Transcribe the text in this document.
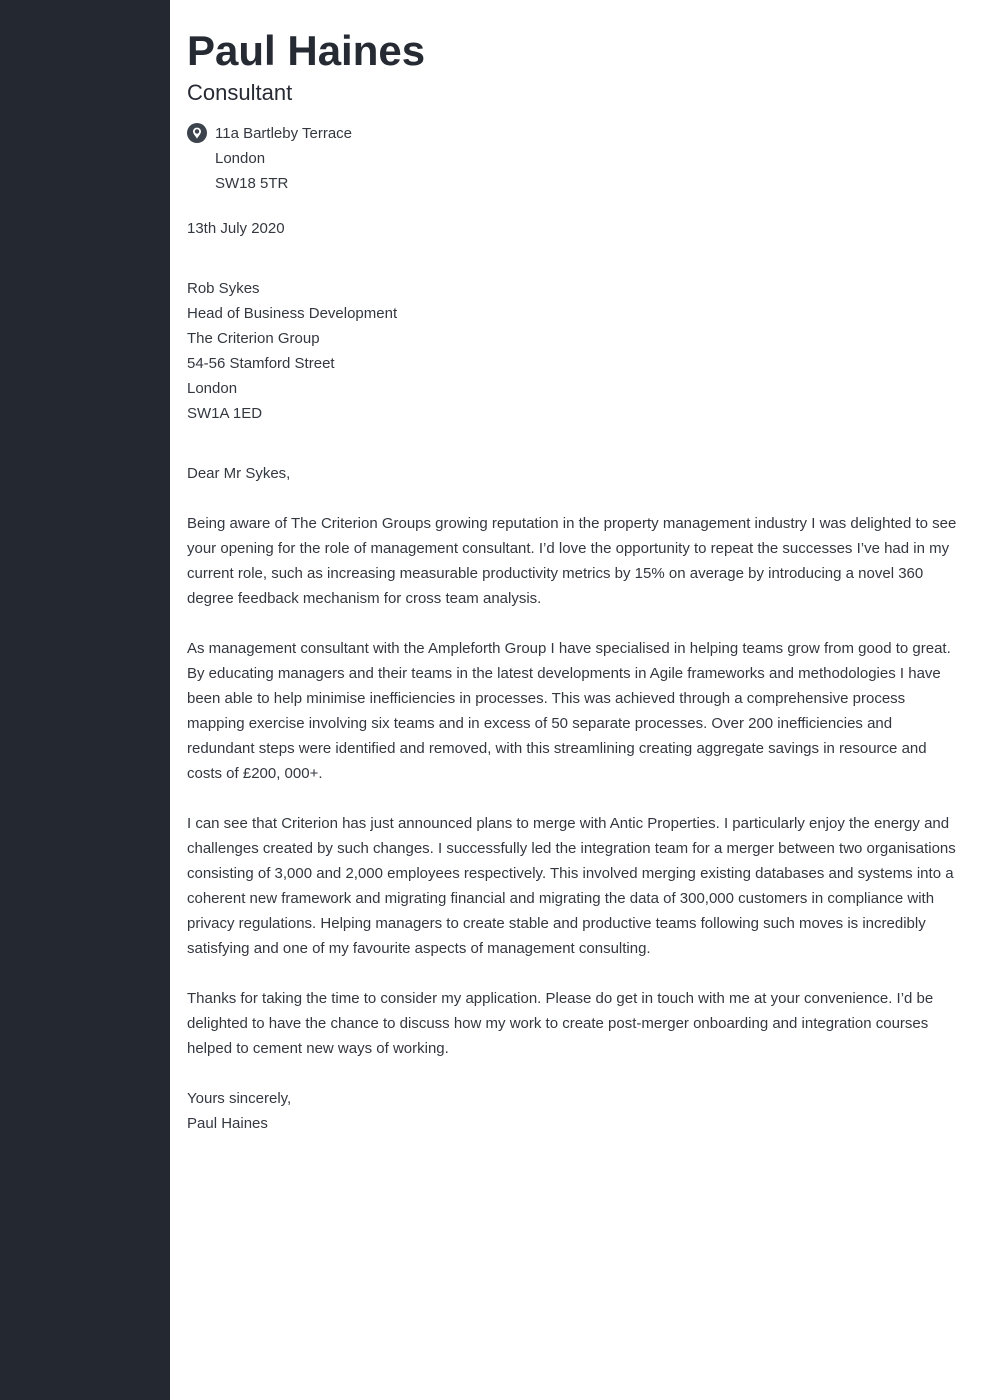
Paul Haines
Consultant
11a Bartleby Terrace
London
SW18 5TR
13th July 2020
Rob Sykes
Head of Business Development
The Criterion Group
54-56 Stamford Street
London
SW1A 1ED

Dear Mr Sykes,

Being aware of The Criterion Groups growing reputation in the property management industry I was delighted to see your opening for the role of management consultant. I’d love the opportunity to repeat the successes I’ve had in my current role, such as increasing measurable productivity metrics by 15% on average by introducing a novel 360 degree feedback mechanism for cross team analysis.

As management consultant with the Ampleforth Group I have specialised in helping teams grow from good to great. By educating managers and their teams in the latest developments in Agile frameworks and methodologies I have been able to help minimise inefficiencies in processes. This was achieved through a comprehensive process mapping exercise involving six teams and in excess of 50 separate processes. Over 200 inefficiencies and redundant steps were identified and removed, with this streamlining creating aggregate savings in resource and costs of £200, 000+.

I can see that Criterion has just announced plans to merge with Antic Properties. I particularly enjoy the energy and challenges created by such changes. I successfully led the integration team for a merger between two organisations consisting of 3,000 and 2,000 employees respectively. This involved merging existing databases and systems into a coherent new framework and migrating financial and migrating the data of 300,000 customers in compliance with privacy regulations. Helping managers to create stable and productive teams following such moves is incredibly satisfying and one of my favourite aspects of management consulting.

Thanks for taking the time to consider my application. Please do get in touch with me at your convenience. I’d be delighted to have the chance to discuss how my work to create post-merger onboarding and integration courses helped to cement new ways of working.

Yours sincerely,
Paul Haines
